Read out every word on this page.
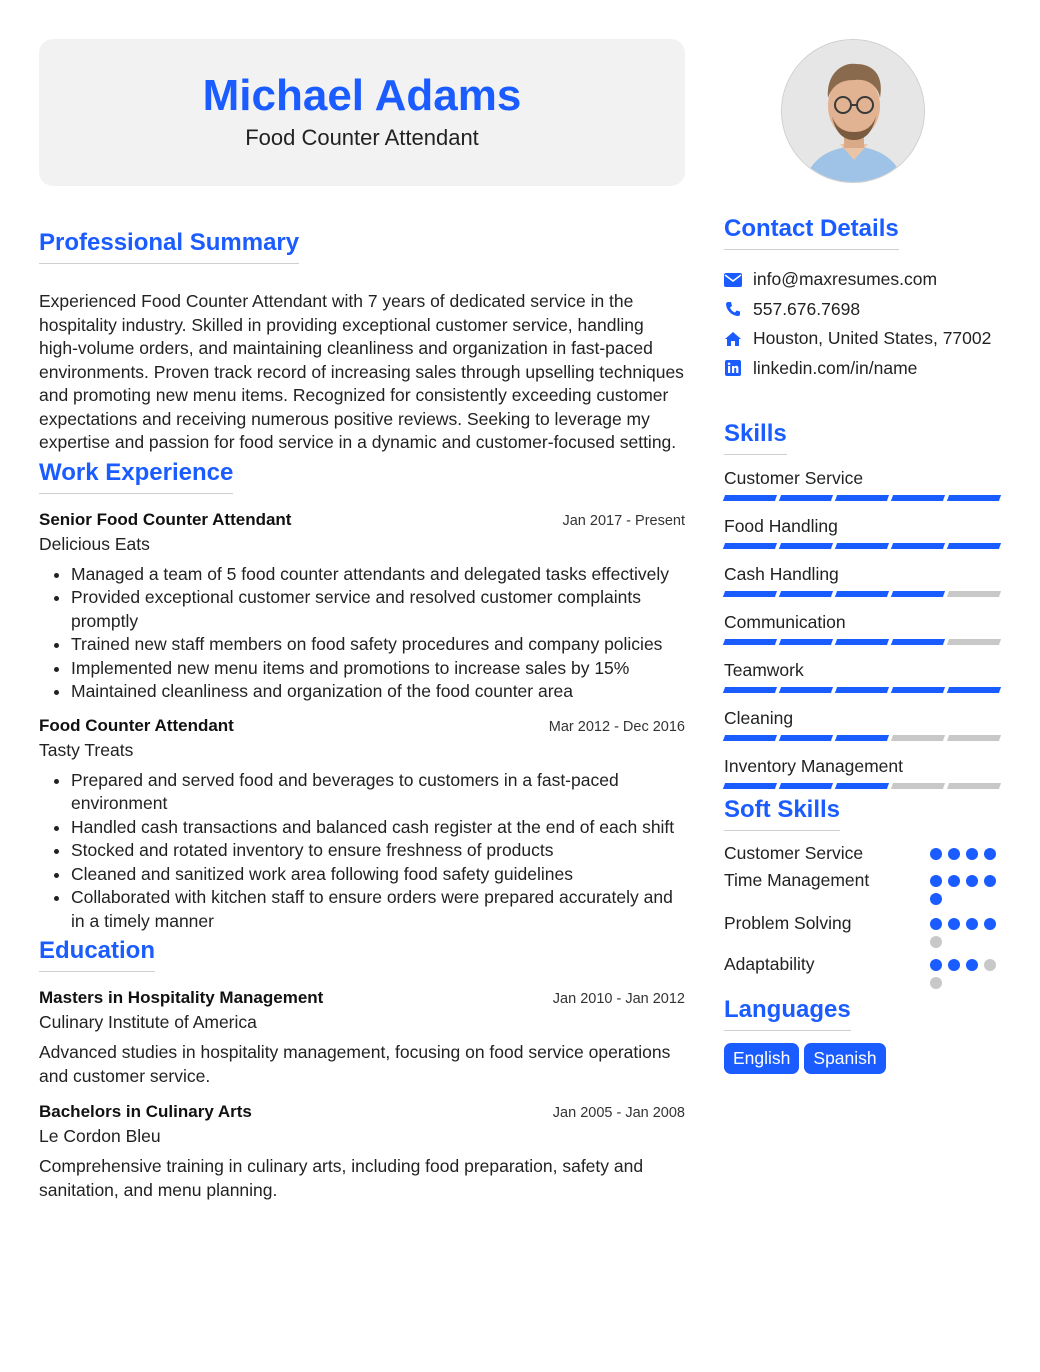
Michael Adams
Food Counter Attendant
Professional Summary
Experienced Food Counter Attendant with 7 years of dedicated service in the hospitality industry. Skilled in providing exceptional customer service, handling high-volume orders, and maintaining cleanliness and organization in fast-paced environments. Proven track record of increasing sales through upselling techniques and promoting new menu items. Recognized for consistently exceeding customer expectations and receiving numerous positive reviews. Seeking to leverage my expertise and passion for food service in a dynamic and customer-focused setting.
Work Experience
Senior Food Counter Attendant	Jan 2017 - Present
Delicious Eats
• Managed a team of 5 food counter attendants and delegated tasks effectively
• Provided exceptional customer service and resolved customer complaints promptly
• Trained new staff members on food safety procedures and company policies
• Implemented new menu items and promotions to increase sales by 15%
• Maintained cleanliness and organization of the food counter area
Food Counter Attendant	Mar 2012 - Dec 2016
Tasty Treats
• Prepared and served food and beverages to customers in a fast-paced environment
• Handled cash transactions and balanced cash register at the end of each shift
• Stocked and rotated inventory to ensure freshness of products
• Cleaned and sanitized work area following food safety guidelines
• Collaborated with kitchen staff to ensure orders were prepared accurately and in a timely manner
Education
Masters in Hospitality Management	Jan 2010 - Jan 2012
Culinary Institute of America
Advanced studies in hospitality management, focusing on food service operations and customer service.
Bachelors in Culinary Arts	Jan 2005 - Jan 2008
Le Cordon Bleu
Comprehensive training in culinary arts, including food preparation, safety and sanitation, and menu planning.
Contact Details
info@maxresumes.com
557.676.7698
Houston, United States, 77002
linkedin.com/in/name
Skills
Customer Service
Food Handling
Cash Handling
Communication
Teamwork
Cleaning
Inventory Management
Soft Skills
Customer Service
Time Management
Problem Solving
Adaptability
Languages
English Spanish
